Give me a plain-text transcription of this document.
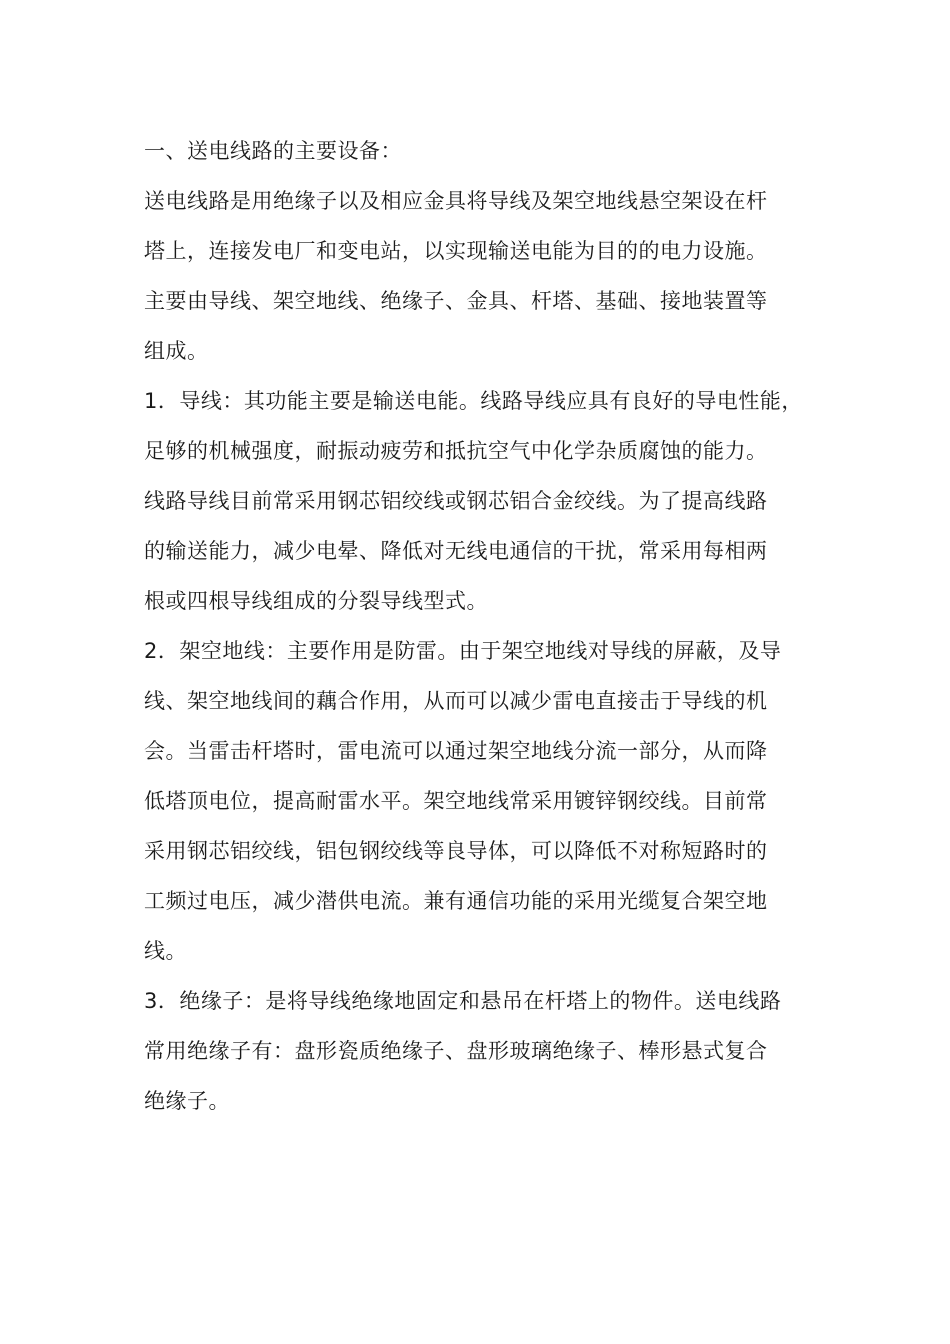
一、送电线路的主要设备：
送电线路是用绝缘子以及相应金具将导线及架空地线悬空架设在杆
塔上，连接发电厂和变电站，以实现输送电能为目的的电力设施。
主要由导线、架空地线、绝缘子、金具、杆塔、基础、接地装置等
组成。
1．导线：其功能主要是输送电能。线路导线应具有良好的导电性能，
足够的机械强度，耐振动疲劳和抵抗空气中化学杂质腐蚀的能力。
线路导线目前常采用钢芯铝绞线或钢芯铝合金绞线。为了提高线路
的输送能力，减少电晕、降低对无线电通信的干扰，常采用每相两
根或四根导线组成的分裂导线型式。
2．架空地线：主要作用是防雷。由于架空地线对导线的屏蔽，及导
线、架空地线间的藕合作用，从而可以减少雷电直接击于导线的机
会。当雷击杆塔时，雷电流可以通过架空地线分流一部分，从而降
低塔顶电位，提高耐雷水平。架空地线常采用镀锌钢绞线。目前常
采用钢芯铝绞线，铝包钢绞线等良导体，可以降低不对称短路时的
工频过电压，减少潜供电流。兼有通信功能的采用光缆复合架空地
线。
3．绝缘子：是将导线绝缘地固定和悬吊在杆塔上的物件。送电线路
常用绝缘子有：盘形瓷质绝缘子、盘形玻璃绝缘子、棒形悬式复合
绝缘子。
